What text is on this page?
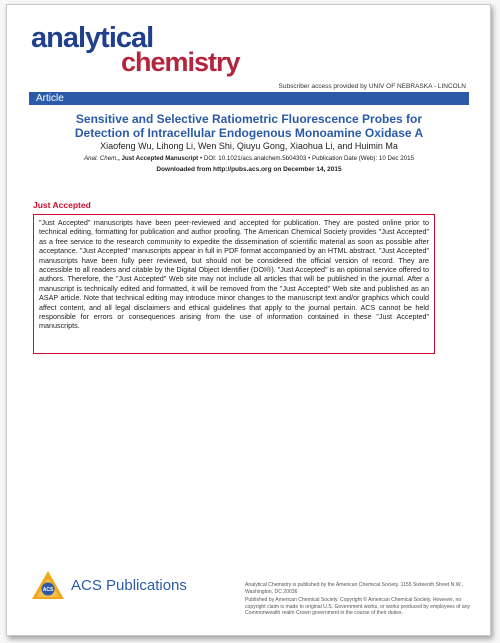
analytical
chemistry
Subscriber access provided by UNIV OF NEBRASKA - LINCOLN
Article
Sensitive and Selective Ratiometric Fluorescence Probes for
Detection of Intracellular Endogenous Monoamine Oxidase A
Xiaofeng Wu, Lihong Li, Wen Shi, Qiuyu Gong, Xiaohua Li, and Huimin Ma
Anal. Chem., Just Accepted Manuscript • DOI: 10.1021/acs.analchem.5b04303 • Publication Date (Web): 10 Dec 2015
Downloaded from http://pubs.acs.org on December 14, 2015
Just Accepted
"Just Accepted" manuscripts have been peer-reviewed and accepted for publication. They are posted online prior to technical editing, formatting for publication and author proofing. The American Chemical Society provides "Just Accepted" as a free service to the research community to expedite the dissemination of scientific material as soon as possible after acceptance. "Just Accepted" manuscripts appear in full in PDF format accompanied by an HTML abstract. "Just Accepted" manuscripts have been fully peer reviewed, but should not be considered the official version of record. They are accessible to all readers and citable by the Digital Object Identifier (DOI®). "Just Accepted" is an optional service offered to authors. Therefore, the "Just Accepted" Web site may not include all articles that will be published in the journal. After a manuscript is technically edited and formatted, it will be removed from the "Just Accepted" Web site and published as an ASAP article. Note that technical editing may introduce minor changes to the manuscript text and/or graphics which could affect content, and all legal disclaimers and ethical guidelines that apply to the journal pertain. ACS cannot be held responsible for errors or consequences arising from the use of information contained in these "Just Accepted" manuscripts.
ACS ACS Publications	Analytical Chemistry is published by the American Chemical Society. 1155 Sixteenth Street N.W., Washington, DC 20036

Published by American Chemical Society. Copyright © American Chemical Society. However, no copyright claim is made to original U.S. Government works, or works produced by employees of any Commonwealth realm Crown government in the course of their duties.
